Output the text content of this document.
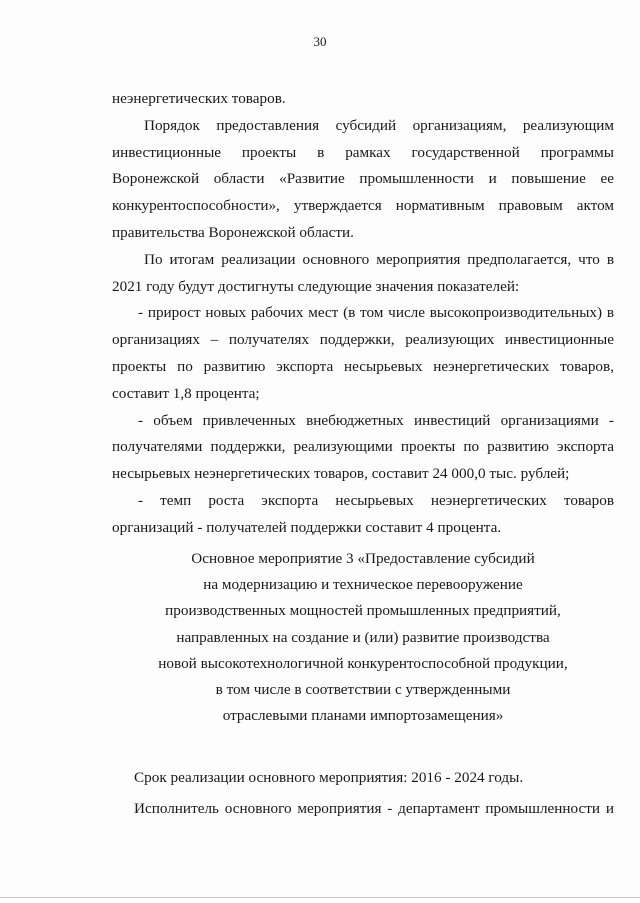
30

неэнергетических товаров.

Порядок предоставления субсидий организациям, реализующим инвестиционные проекты в рамках государственной программы Воронежской области «Развитие промышленности и повышение ее конкурентоспособности», утверждается нормативным правовым актом правительства Воронежской области.

По итогам реализации основного мероприятия предполагается, что в 2021 году будут достигнуты следующие значения показателей:

- прирост новых рабочих мест (в том числе высокопроизводительных) в организациях – получателях поддержки, реализующих инвестиционные проекты по развитию экспорта несырьевых неэнергетических товаров, составит 1,8 процента;

- объем привлеченных внебюджетных инвестиций организациями - получателями поддержки, реализующими проекты по развитию экспорта несырьевых неэнергетических товаров, составит 24 000,0 тыс. рублей;

- темп роста экспорта несырьевых неэнергетических товаров организаций - получателей поддержки составит 4 процента.

Основное мероприятие 3 «Предоставление субсидий
на модернизацию и техническое перевооружение
производственных мощностей промышленных предприятий,
направленных на создание и (или) развитие производства
новой высокотехнологичной конкурентоспособной продукции,
в том числе в соответствии с утвержденными
отраслевыми планами импортозамещения»

Срок реализации основного мероприятия: 2016 - 2024 годы.

Исполнитель основного мероприятия - департамент промышленности и
